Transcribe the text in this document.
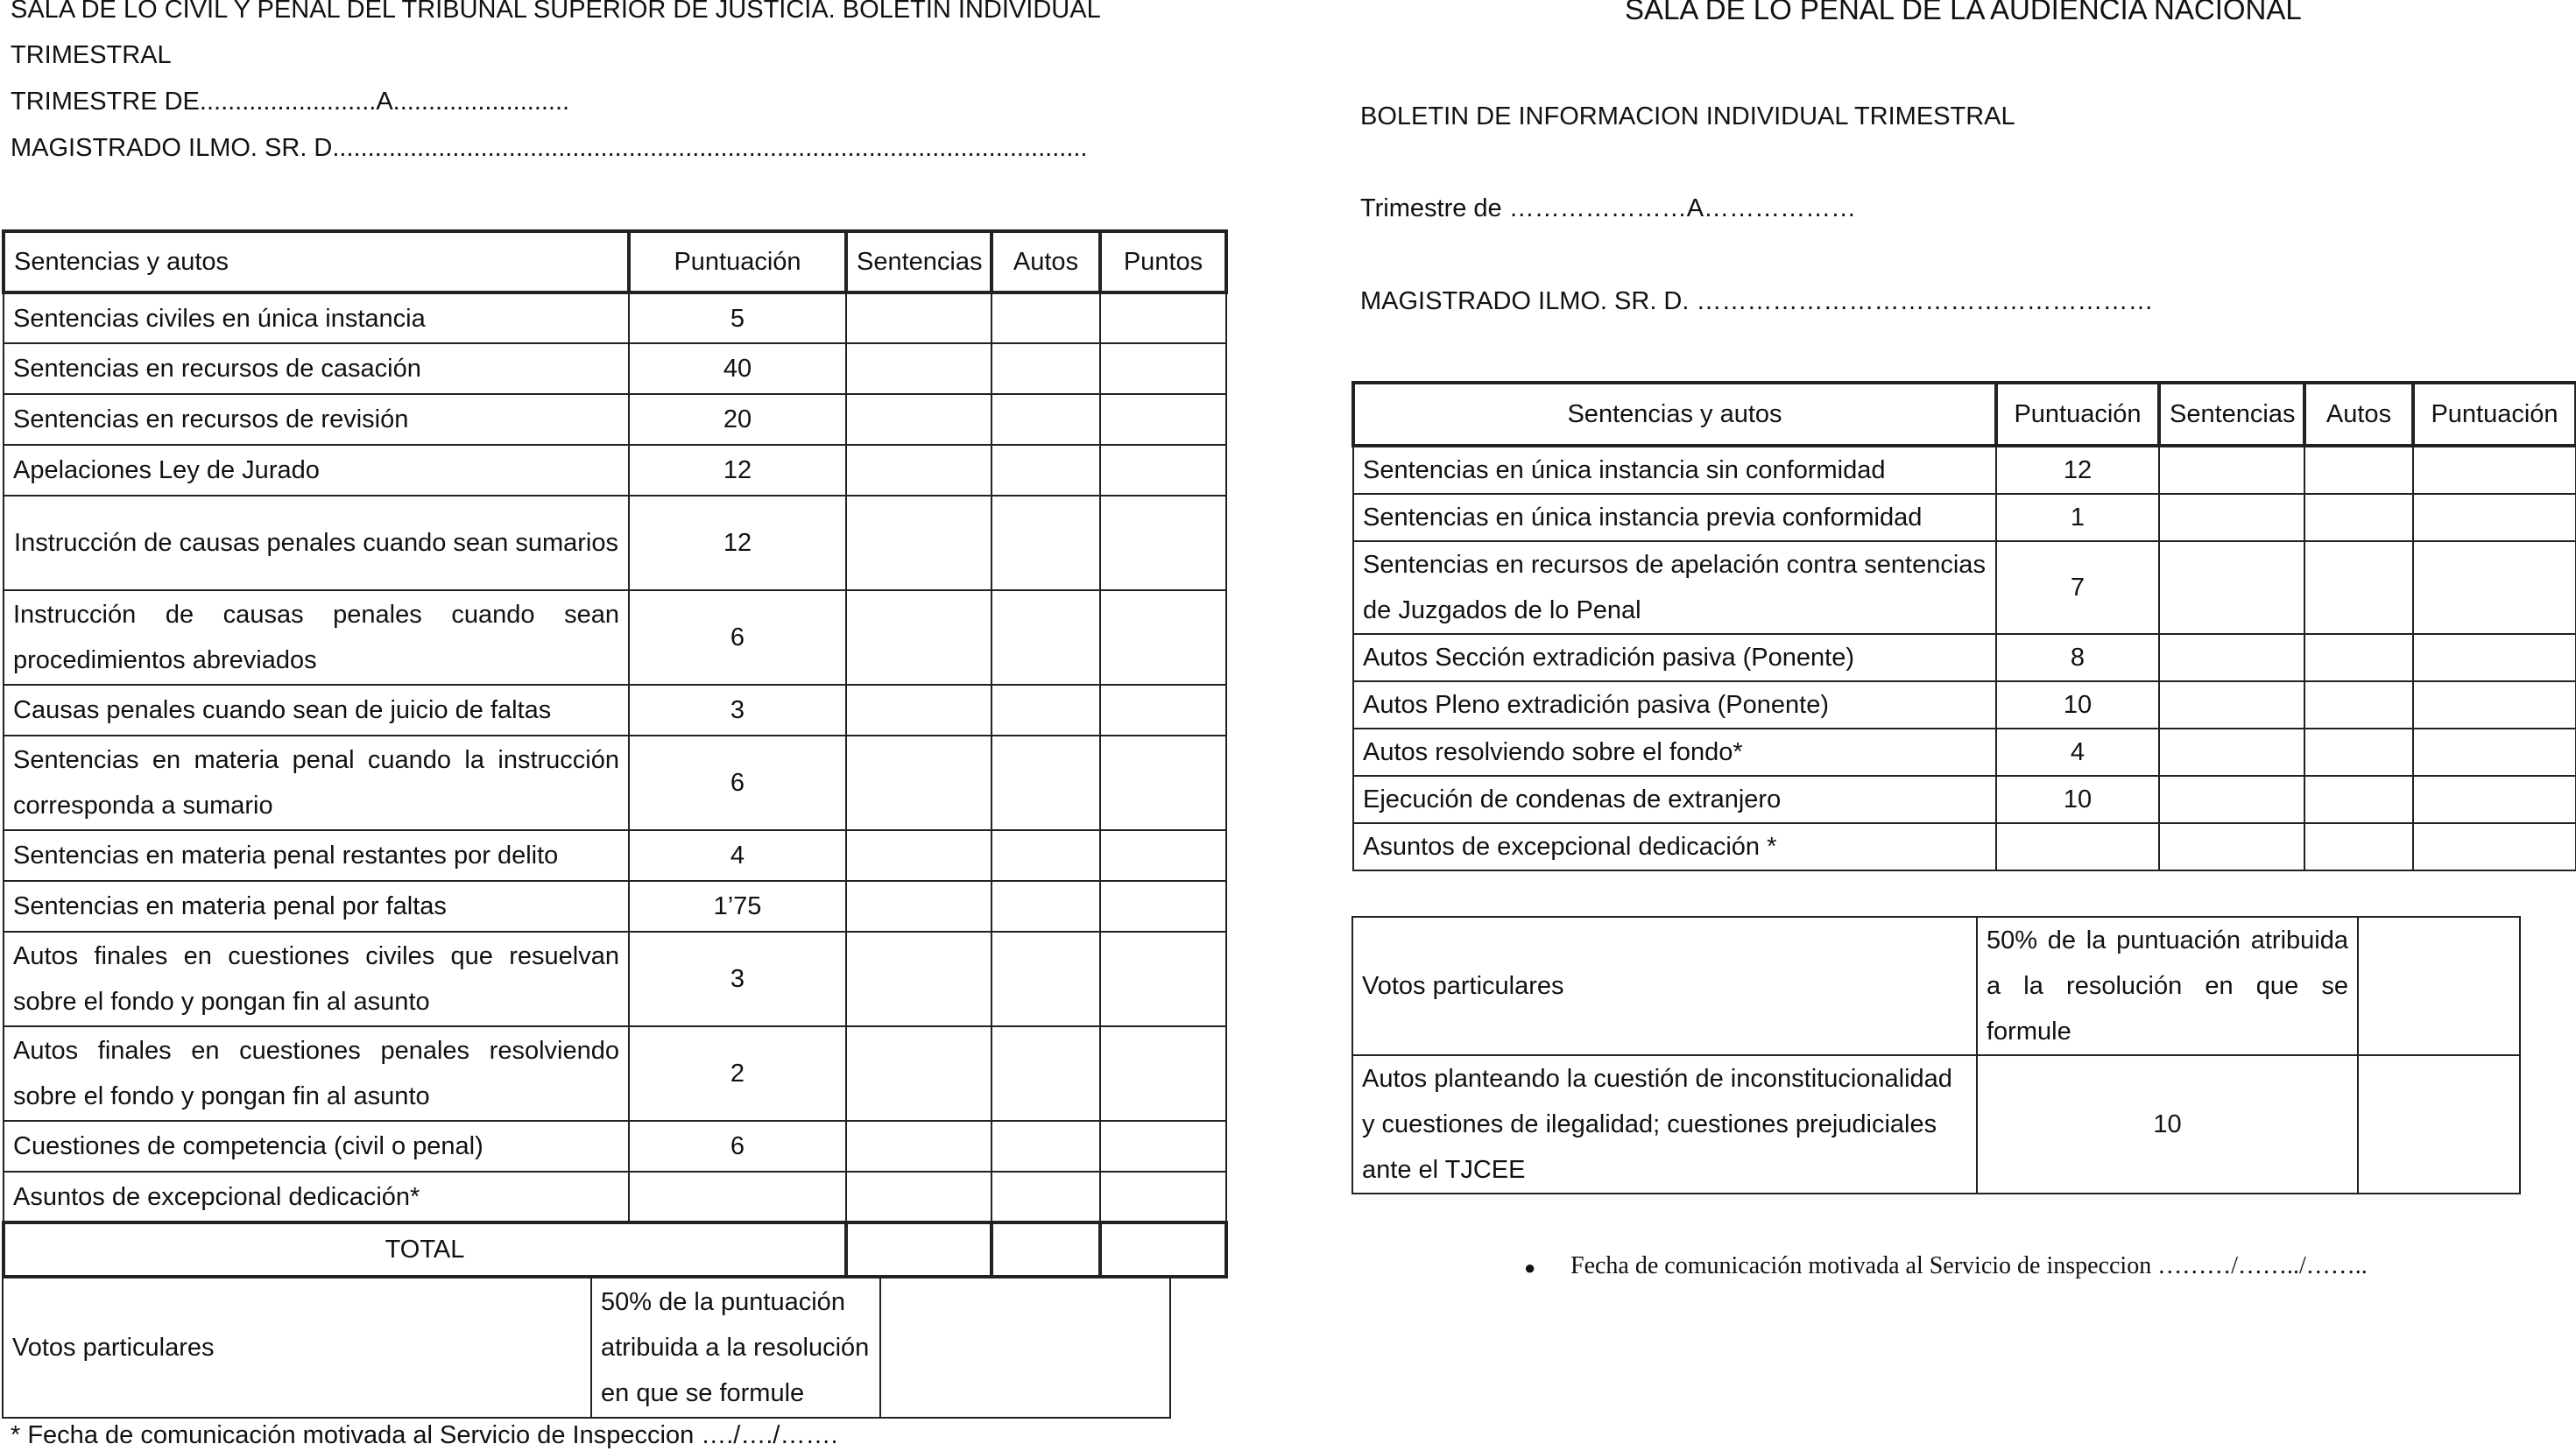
SALA DE LO CIVIL Y PENAL DEL TRIBUNAL SUPERIOR DE JUSTICIA. BOLETIN INDIVIDUAL
TRIMESTRAL
TRIMESTRE DE.........................A.........................
MAGISTRADO ILMO. SR. D...........................................................................................................
Sentencias y autos	Puntuación	Sentencias	Autos	Puntos
Sentencias civiles en única instancia	5			
Sentencias en recursos de casación	40			
Sentencias en recursos de revisión	20			
Apelaciones Ley de Jurado	12			
Instrucción de causas penales cuando sean sumarios	12			
Instrucción de causas penales cuando sean procedimientos abreviados	6			
Causas penales cuando sean de juicio de faltas	3			
Sentencias en materia penal cuando la instrucción corresponda a sumario	6			
Sentencias en materia penal restantes por delito	4			
Sentencias en materia penal por faltas	1’75			
Autos finales en cuestiones civiles que resuelvan sobre el fondo y pongan fin al asunto	3			
Autos finales en cuestiones penales resolviendo sobre el fondo y pongan fin al asunto	2			
Cuestiones de competencia (civil o penal)	6			
Asuntos de excepcional dedicación*				
TOTAL				
Votos particulares	50% de la puntuación atribuida a la resolución en que se formule	
* Fecha de comunicación motivada al Servicio de Inspeccion …./…./…….
SALA DE LO PENAL DE LA AUDIENCIA NACIONAL
BOLETIN DE INFORMACION INDIVIDUAL TRIMESTRAL
Trimestre de …………………A………………
MAGISTRADO ILMO. SR. D. ………………………………………………
Sentencias y autos	Puntuación	Sentencias	Autos	Puntuación
Sentencias en única instancia sin conformidad	12			
Sentencias en única instancia previa conformidad	1			
Sentencias en recursos de apelación contra sentencias de Juzgados de lo Penal	7			
Autos Sección extradición pasiva (Ponente)	8			
Autos Pleno extradición pasiva (Ponente)	10			
Autos resolviendo sobre el fondo*	4			
Ejecución de condenas de extranjero	10			
Asuntos de excepcional dedicación *				
Votos particulares	50% de la puntuación atribuida a la resolución en que se formule	
Autos planteando la cuestión de inconstitucionalidad y cuestiones de ilegalidad; cuestiones prejudiciales ante el TJCEE	10	
● Fecha de comunicación motivada al Servicio de inspeccion ………/……../……..
